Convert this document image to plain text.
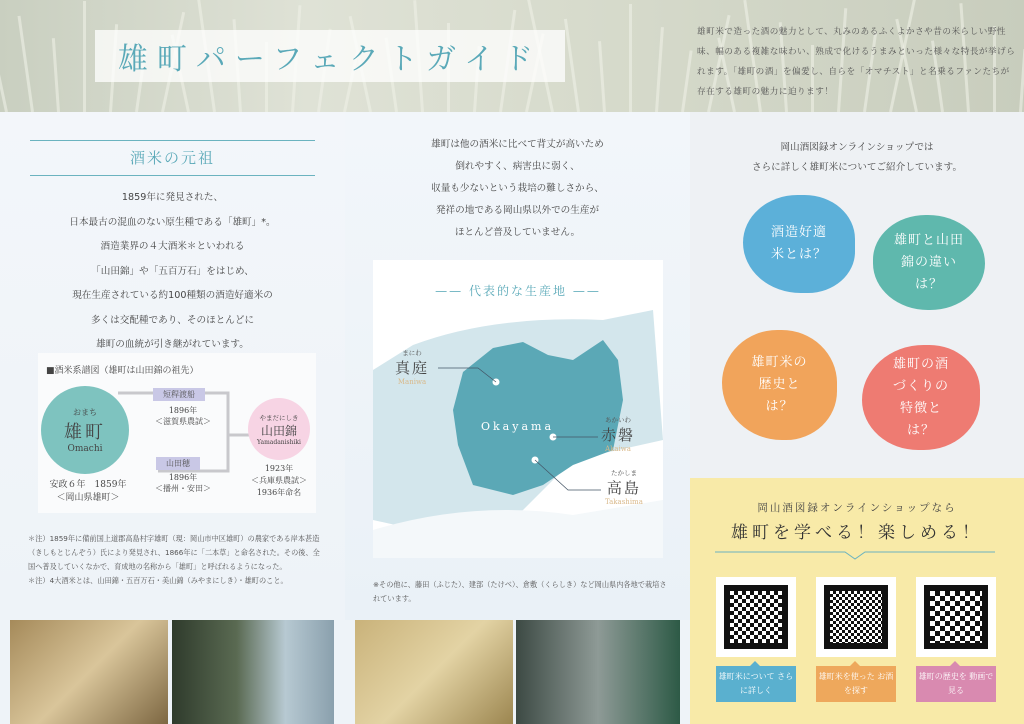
雄町パーフェクトガイド
雄町米で造った酒の魅力として、丸みのあるふくよかさや昔の米らしい野性味、幅のある複雑な味わい、熟成で化けるうまみといった様々な特長が挙げられます。「雄町の酒」を偏愛し、自らを「オマチスト」と名乗るファンたちが存在する雄町の魅力に迫ります！
酒米の元祖
1859年に発見された、
日本最古の混血のない原生種である「雄町」*。
酒造業界の４大酒米＊といわれる
「山田錦」や「五百万石」をはじめ、
現在生産されている約100種類の酒造好適米の
多くは交配種であり、そのほとんどに
雄町の血統が引き継がれています。
■酒米系譜図（雄町は山田錦の祖先）
おまち
雄町
Omachi
安政６年　1859年
＜岡山県雄町＞
短稈渡船
1896年
＜滋賀県農試＞
山田穂
1896年
＜播州・安田＞
やまだにしき
山田錦
Yamadanishiki
1923年
＜兵庫県農試＞
1936年命名
＊注）1859年に備前国上道郡高島村字雄町（現：岡山市中区雄町）の農家である岸本甚造（きしもとじんぞう）氏により発見され、1866年に「二本草」と命名された。その後、全国へ普及していくなかで、育成地の名称から「雄町」と呼ばれるようになった。
＊注）4大酒米とは、山田錦・五百万石・美山錦（みやまにしき）・雄町のこと。
雄町は他の酒米に比べて背丈が高いため
倒れやすく、病害虫に弱く、
収量も少ないという栽培の難しさから、
発祥の地である岡山県以外での生産が
ほとんど普及していません。
—— 代表的な生産地 ——
Okayama
まにわ
真庭
Maniwa
あかいわ
赤磐
Akaiwa
たかしま
高島
Takashima
※その他に、藤田（ふじた）、建部（たけべ）、倉敷（くらしき）など岡山県内各地で栽培されています。
岡山酒図録オンラインショップでは
さらに詳しく雄町米についてご紹介しています。
酒造好適米とは？
雄町と山田錦の違いは？
雄町米の歴史とは？
雄町の酒づくりの特徴とは？
岡山酒図録オンラインショップなら
雄町を学べる！楽しめる！
雄町米について さらに詳しく
雄町米を使った お酒を探す
雄町の歴史を 動画で見る
